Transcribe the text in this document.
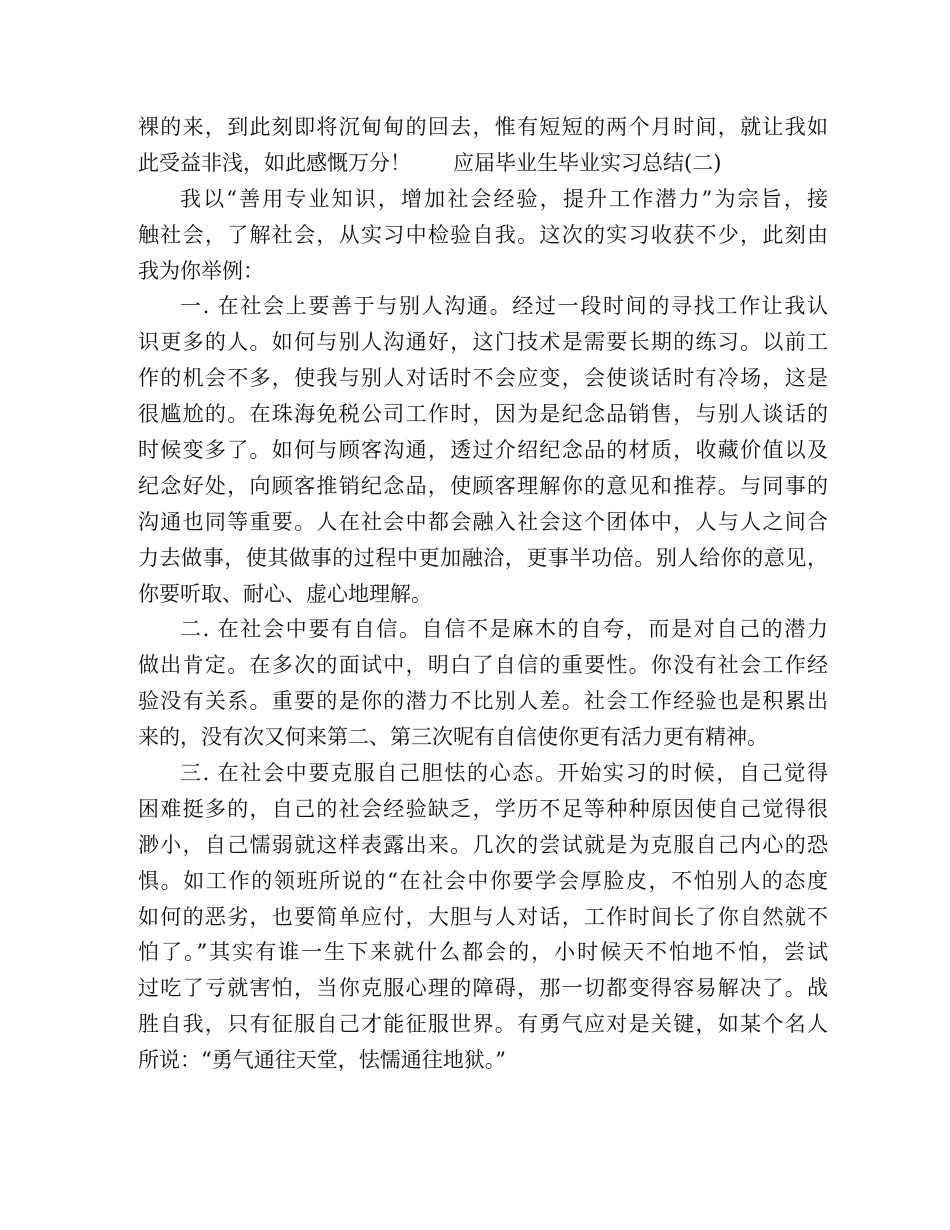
裸的来，到此刻即将沉甸甸的回去，惟有短短的两个月时间，就让我如
此受益非浅，如此感慨万分！　　应届毕业生毕业实习总结(二)
我以“善用专业知识，增加社会经验，提升工作潜力”为宗旨，接
触社会，了解社会，从实习中检验自我。这次的实习收获不少，此刻由
我为你举例：
一. 在社会上要善于与别人沟通。经过一段时间的寻找工作让我认
识更多的人。如何与别人沟通好，这门技术是需要长期的练习。以前工
作的机会不多，使我与别人对话时不会应变，会使谈话时有冷场，这是
很尴尬的。在珠海免税公司工作时，因为是纪念品销售，与别人谈话的
时候变多了。如何与顾客沟通，透过介绍纪念品的材质，收藏价值以及
纪念好处，向顾客推销纪念品，使顾客理解你的意见和推荐。与同事的
沟通也同等重要。人在社会中都会融入社会这个团体中，人与人之间合
力去做事，使其做事的过程中更加融洽，更事半功倍。别人给你的意见，
你要听取、耐心、虚心地理解。
二. 在社会中要有自信。自信不是麻木的自夸，而是对自己的潜力
做出肯定。在多次的面试中，明白了自信的重要性。你没有社会工作经
验没有关系。重要的是你的潜力不比别人差。社会工作经验也是积累出
来的，没有次又何来第二、第三次呢有自信使你更有活力更有精神。
三. 在社会中要克服自己胆怯的心态。开始实习的时候，自己觉得
困难挺多的，自己的社会经验缺乏，学历不足等种种原因使自己觉得很
渺小，自己懦弱就这样表露出来。几次的尝试就是为克服自己内心的恐
惧。如工作的领班所说的“在社会中你要学会厚脸皮，不怕别人的态度
如何的恶劣，也要简单应付，大胆与人对话，工作时间长了你自然就不
怕了。”其实有谁一生下来就什么都会的，小时候天不怕地不怕，尝试
过吃了亏就害怕，当你克服心理的障碍，那一切都变得容易解决了。战
胜自我，只有征服自己才能征服世界。有勇气应对是关键，如某个名人
所说：“勇气通往天堂，怯懦通往地狱。”
